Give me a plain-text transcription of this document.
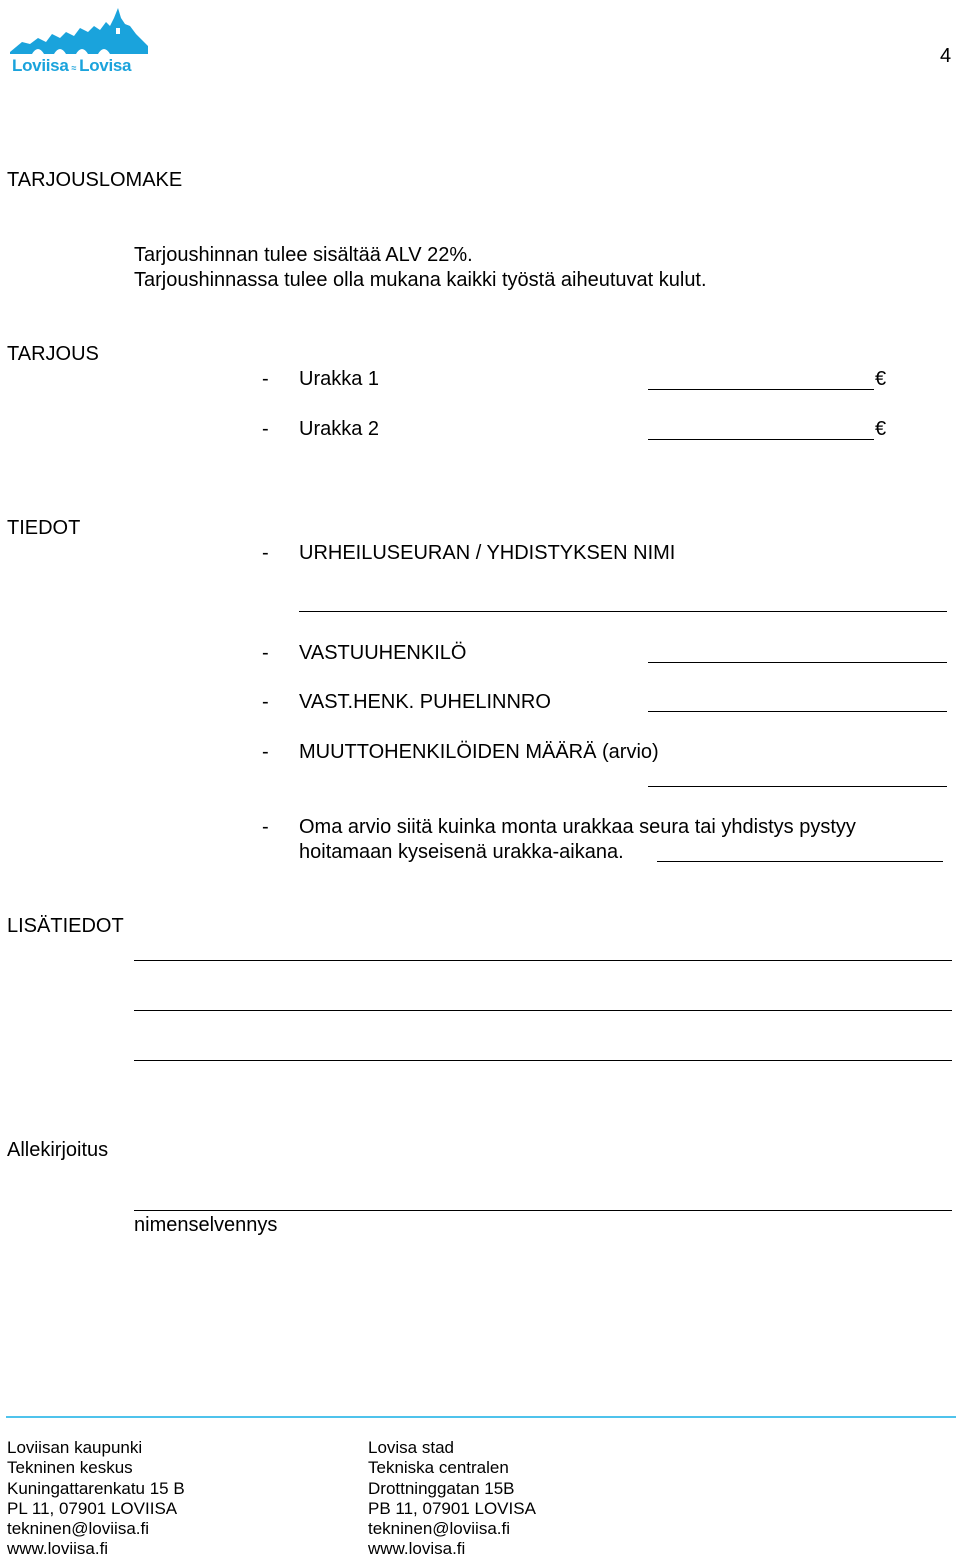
Loviisa ≈ Lovisa	4
TARJOUSLOMAKE
Tarjoushinnan tulee sisältää ALV 22%.
Tarjoushinnassa tulee olla mukana kaikki työstä aiheutuvat kulut.
TARJOUS
- Urakka 1	€
- Urakka 2	€
TIEDOT
- URHEILUSEURAN / YHDISTYKSEN NIMI
- VASTUUHENKILÖ
- VAST.HENK. PUHELINNRO
- MUUTTOHENKILÖIDEN MÄÄRÄ (arvio)
- Oma arvio siitä kuinka monta urakkaa seura tai yhdistys pystyy
hoitamaan kyseisenä urakka-aikana.
LISÄTIEDOT
Allekirjoitus
nimenselvennys
Loviisan kaupunki
Tekninen keskus
Kuningattarenkatu 15 B
PL 11, 07901 LOVIISA
tekninen@loviisa.fi
www.loviisa.fi
Lovisa stad
Tekniska centralen
Drottninggatan 15B
PB 11, 07901 LOVISA
tekninen@loviisa.fi
www.lovisa.fi
